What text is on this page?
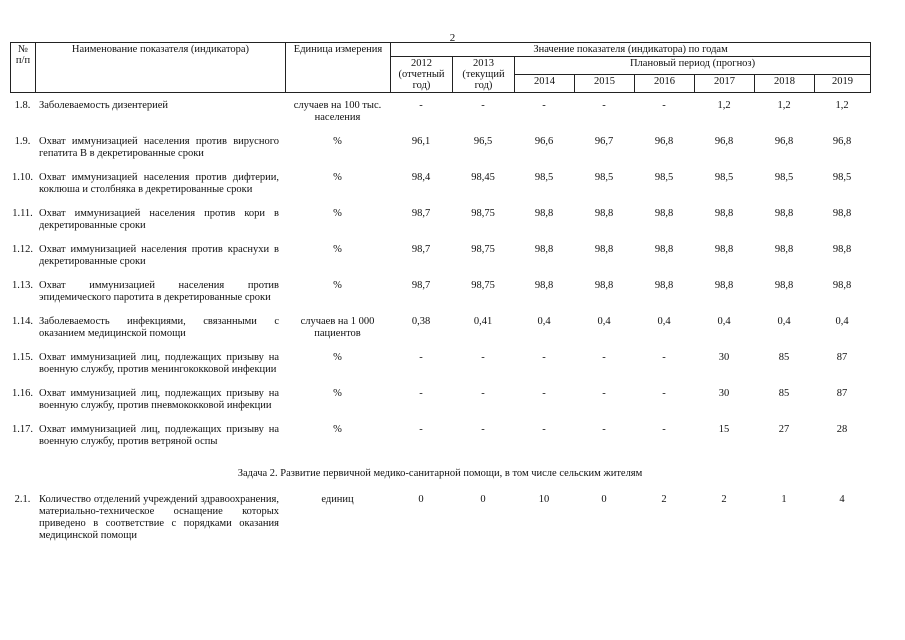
2
№ п/п	Наименование показателя (индикатора)	Единица измерения	Значение показателя (индикатора) по годам							
			2012 (отчетный год)	2013 (текущий год)	Плановый период (прогноз)					
					2014	2015	2016	2017	2018	2019
1.8.	Заболеваемость дизентерией	случаев на 100 тыс. населения	-	-	-	-	-	1,2	1,2	1,2
1.9.	Охват иммунизацией населения против вирусного гепатита В в декретированные сроки	%	96,1	96,5	96,6	96,7	96,8	96,8	96,8	96,8
1.10.	Охват иммунизацией населения против дифтерии, коклюша и столбняка в декретированные сроки	%	98,4	98,45	98,5	98,5	98,5	98,5	98,5	98,5
1.11.	Охват иммунизацией населения против кори в декретированные сроки	%	98,7	98,75	98,8	98,8	98,8	98,8	98,8	98,8
1.12.	Охват иммунизацией населения против краснухи в декретированные сроки	%	98,7	98,75	98,8	98,8	98,8	98,8	98,8	98,8
1.13.	Охват иммунизацией населения против эпидемического паротита в декретированные сроки	%	98,7	98,75	98,8	98,8	98,8	98,8	98,8	98,8
1.14.	Заболеваемость инфекциями, связанными с оказанием медицинской помощи	случаев на 1 000 пациентов	0,38	0,41	0,4	0,4	0,4	0,4	0,4	0,4
1.15.	Охват иммунизацией лиц, подлежащих призыву на военную службу, против менингококковой инфекции	%	-	-	-	-	-	30	85	87
1.16.	Охват иммунизацией лиц, подлежащих призыву на военную службу, против пневмококковой инфекции	%	-	-	-	-	-	30	85	87
1.17.	Охват иммунизацией лиц, подлежащих призыву на военную службу, против ветряной оспы	%	-	-	-	-	-	15	27	28
Задача 2. Развитие первичной медико-санитарной помощи, в том числе сельским жителям										
2.1.	Количество отделений учреждений здравоохранения, материально-техническое оснащение которых приведено в соответствие с порядками оказания медицинской помощи	единиц	0	0	10	0	2	2	1	4
